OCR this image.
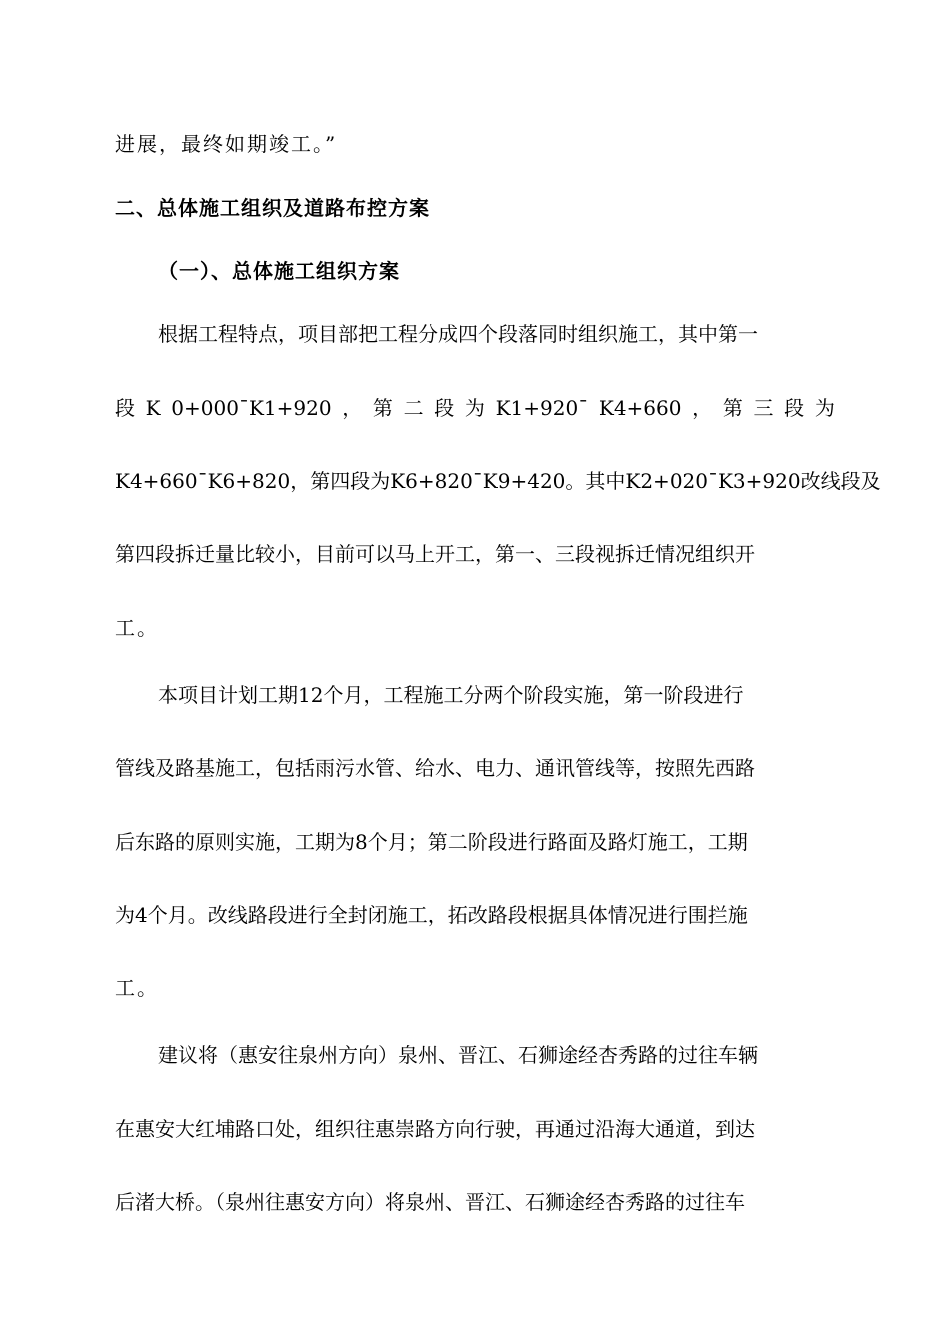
进展，最终如期竣工。”
二、总体施工组织及道路布控方案
（一）、总体施工组织方案
根据工程特点，项目部把工程分成四个段落同时组织施工，其中第一
段 K 0+000¯K1+920 ， 第 二 段 为 K1+920¯ K4+660 ， 第 三 段 为
K4+660¯K6+820，第四段为K6+820¯K9+420。其中K2+020¯K3+920改线段及
第四段拆迁量比较小，目前可以马上开工，第一、三段视拆迁情况组织开
工。
本项目计划工期12个月，工程施工分两个阶段实施，第一阶段进行
管线及路基施工，包括雨污水管、给水、电力、通讯管线等，按照先西路
后东路的原则实施，工期为8个月；第二阶段进行路面及路灯施工，工期
为4个月。改线路段进行全封闭施工，拓改路段根据具体情况进行围拦施
工。
建议将（惠安往泉州方向）泉州、晋江、石狮途经杏秀路的过往车辆
在惠安大红埔路口处，组织往惠崇路方向行驶，再通过沿海大通道，到达
后渚大桥。（泉州往惠安方向）将泉州、晋江、石狮途经杏秀路的过往车
